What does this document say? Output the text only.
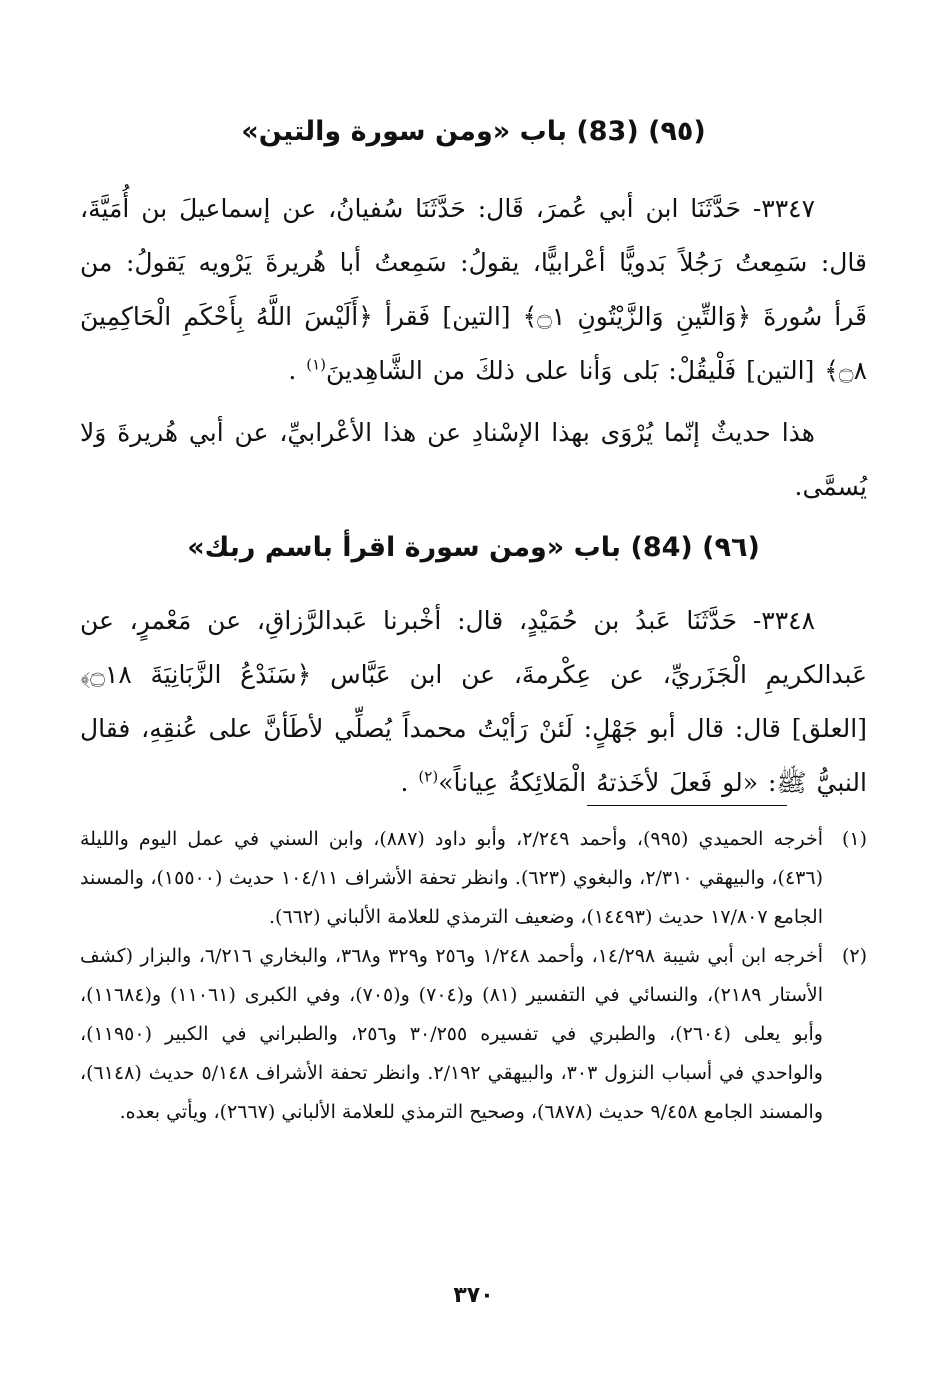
(٩٥) (83) باب «ومن سورة والتين»

٣٣٤٧- حَدَّثَنَا ابن أبي عُمرَ، قَال: حَدَّثَنَا سُفيانُ، عن إسماعيلَ بن أُمَيَّةَ، قال: سَمِعتُ رَجُلاً بَدويًّا أعْرابيًّا، يقولُ: سَمِعتُ أبا هُريرةَ يَرْويه يَقولُ: من قَرأ سُورةَ ﴿وَالتِّينِ وَالزَّيْتُونِ ۝١﴾ [التين] فَقرأ ﴿أَلَيْسَ اللَّهُ بِأَحْكَمِ الْحَاكِمِينَ ۝٨﴾ [التين] فَلْيقُلْ: بَلى وَأنا على ذلكَ من الشَّاهِدينَ$^{(١)}$ .

هذا حديثٌ إنّما يُرْوَى بهذا الإسْنادِ عن هذا الأعْرابيِّ، عن أبي هُريرةَ وَلا يُسمَّى.

(٩٦) (84) باب «ومن سورة اقرأ باسم ربك»

٣٣٤٨- حَدَّثَنَا عَبدُ بن حُمَيْدٍ، قال: أخْبرنا عَبدالرَّزاقِ، عن مَعْمرٍ، عن عَبدالكريمِ الْجَزَريِّ، عن عِكْرمةَ، عن ابن عَبَّاس ﴿سَنَدْعُ الزَّبَانِيَةَ ۝١٨﴾ [العلق] قال: قال أبو جَهْلٍ: لَئنْ رَأيْتُ محمداً يُصلِّي لأطَأنَّ على عُنقِهِ، فقال النبيُّ ﷺ: «لو فَعلَ لأخَذتهُ الْمَلائِكةُ عِياناً»$^{(٢)}$ .

(١)
أخرجه الحميدي (٩٩٥)، وأحمد ٢/٢٤٩، وأبو داود (٨٨٧)، وابن السني في عمل اليوم والليلة (٤٣٦)، والبيهقي ٢/٣١٠، والبغوي (٦٢٣). وانظر تحفة الأشراف ١٠٤/١١ حديث (١٥٥٠٠)، والمسند الجامع ١٧/٨٠٧ حديث (١٤٤٩٣)، وضعيف الترمذي للعلامة الألباني (٦٦٢).
(٢)
أخرجه ابن أبي شيبة ١٤/٢٩٨، وأحمد ١/٢٤٨ و٢٥٦ و٣٢٩ و٣٦٨، والبخاري ٦/٢١٦، والبزار (كشف الأستار ٢١٨٩)، والنسائي في التفسير (٨١) و(٧٠٤) و(٧٠٥)، وفي الكبرى (١١٠٦١) و(١١٦٨٤)، وأبو يعلى (٢٦٠٤)، والطبري في تفسيره ٣٠/٢٥٥ و٢٥٦، والطبراني في الكبير (١١٩٥٠)، والواحدي في أسباب النزول ٣٠٣، والبيهقي ٢/١٩٢. وانظر تحفة الأشراف ٥/١٤٨ حديث (٦١٤٨)، والمسند الجامع ٩/٤٥٨ حديث (٦٨٧٨)، وصحيح الترمذي للعلامة الألباني (٢٦٦٧)، ويأتي بعده.
٣٧٠
